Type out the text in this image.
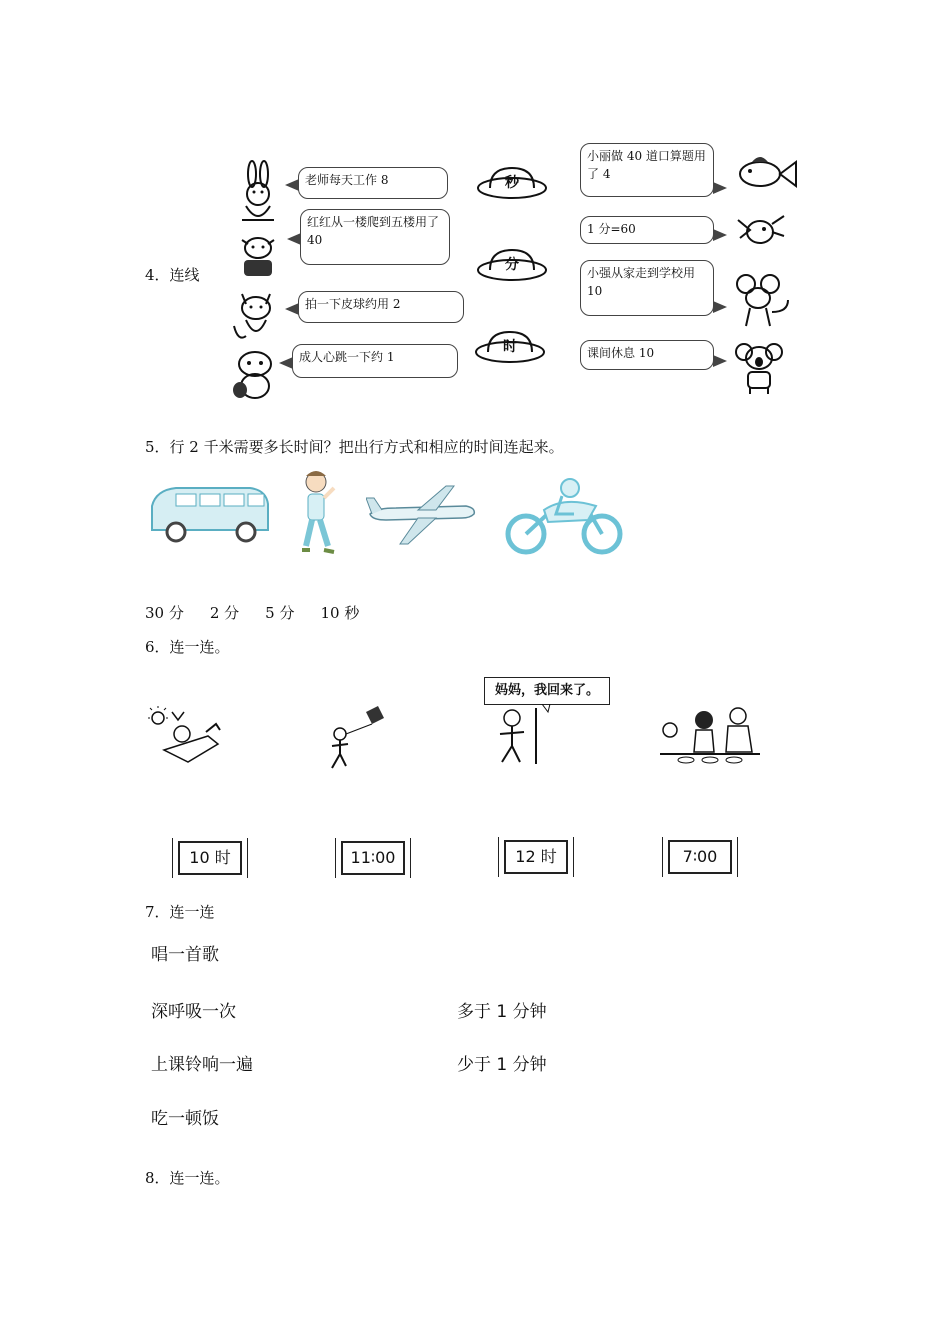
4．连线
老师每天工作 8
红红从一楼爬到五楼用了 40
拍一下皮球约用 2
成人心跳一下约 1
秒
分
时
小丽做 40 道口算题用了 4
1 分=60
小强从家走到学校用 10
课间休息 10
5．行 2 千米需要多长时间？把出行方式和相应的时间连起来。
30 分 2 分 5 分 10 秒
6．连一连。
妈妈，我回来了。
10 时	11∶00	12 时	7∶00
7．连一连
唱一首歌
深呼吸一次
上课铃响一遍
吃一顿饭
多于 1 分钟
少于 1 分钟
8．连一连。
